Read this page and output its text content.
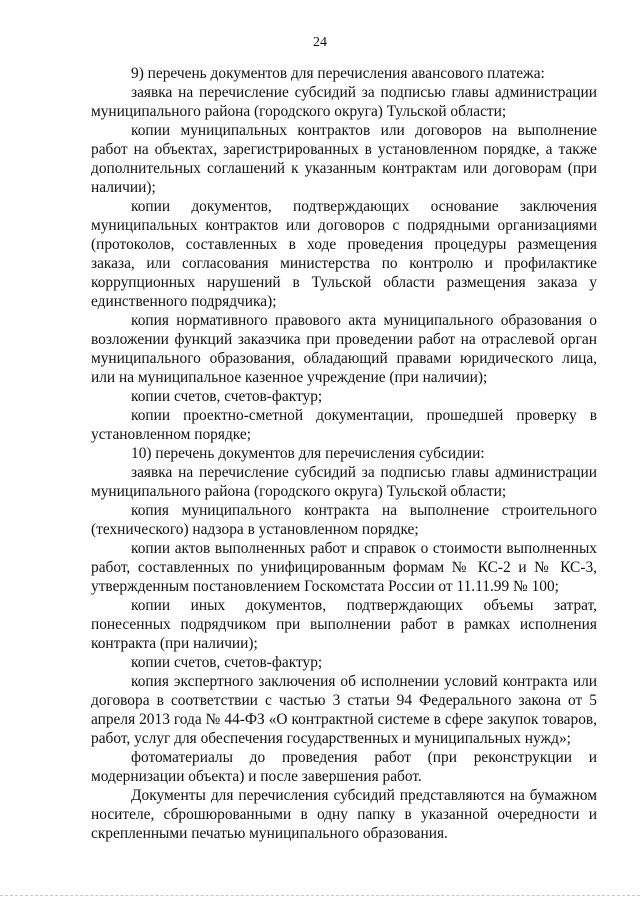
24

9) перечень документов для перечисления авансового платежа:

заявка на перечисление субсидий за подписью главы администрации муниципального района (городского округа) Тульской области;

копии муниципальных контрактов или договоров на выполнение работ на объектах, зарегистрированных в установленном порядке, а также дополнительных соглашений к указанным контрактам или договорам (при наличии);

копии документов, подтверждающих основание заключения муниципальных контрактов или договоров с подрядными организациями (протоколов, составленных в ходе проведения процедуры размещения заказа, или согласования министерства по контролю и профилактике коррупционных нарушений в Тульской области размещения заказа у единственного подрядчика);

копия нормативного правового акта муниципального образования о возложении функций заказчика при проведении работ на отраслевой орган муниципального образования, обладающий правами юридического лица, или на муниципальное казенное учреждение (при наличии);

копии счетов, счетов-фактур;

копии проектно-сметной документации, прошедшей проверку в установленном порядке;

10) перечень документов для перечисления субсидии:

заявка на перечисление субсидий за подписью главы администрации муниципального района (городского округа) Тульской области;

копия муниципального контракта на выполнение строительного (технического) надзора в установленном порядке;

копии актов выполненных работ и справок о стоимости выполненных работ, составленных по унифицированным формам № КС-2 и № КС-3, утвержденным постановлением Госкомстата России от 11.11.99 № 100;

копии иных документов, подтверждающих объемы затрат, понесенных подрядчиком при выполнении работ в рамках исполнения контракта (при наличии);

копии счетов, счетов-фактур;

копия экспертного заключения об исполнении условий контракта или договора в соответствии с частью 3 статьи 94 Федерального закона от 5 апреля 2013 года № 44-ФЗ «О контрактной системе в сфере закупок товаров, работ, услуг для обеспечения государственных и муниципальных нужд»;

фотоматериалы до проведения работ (при реконструкции и модернизации объекта) и после завершения работ.

Документы для перечисления субсидий представляются на бумажном носителе, сброшюрованными в одну папку в указанной очередности и скрепленными печатью муниципального образования.
